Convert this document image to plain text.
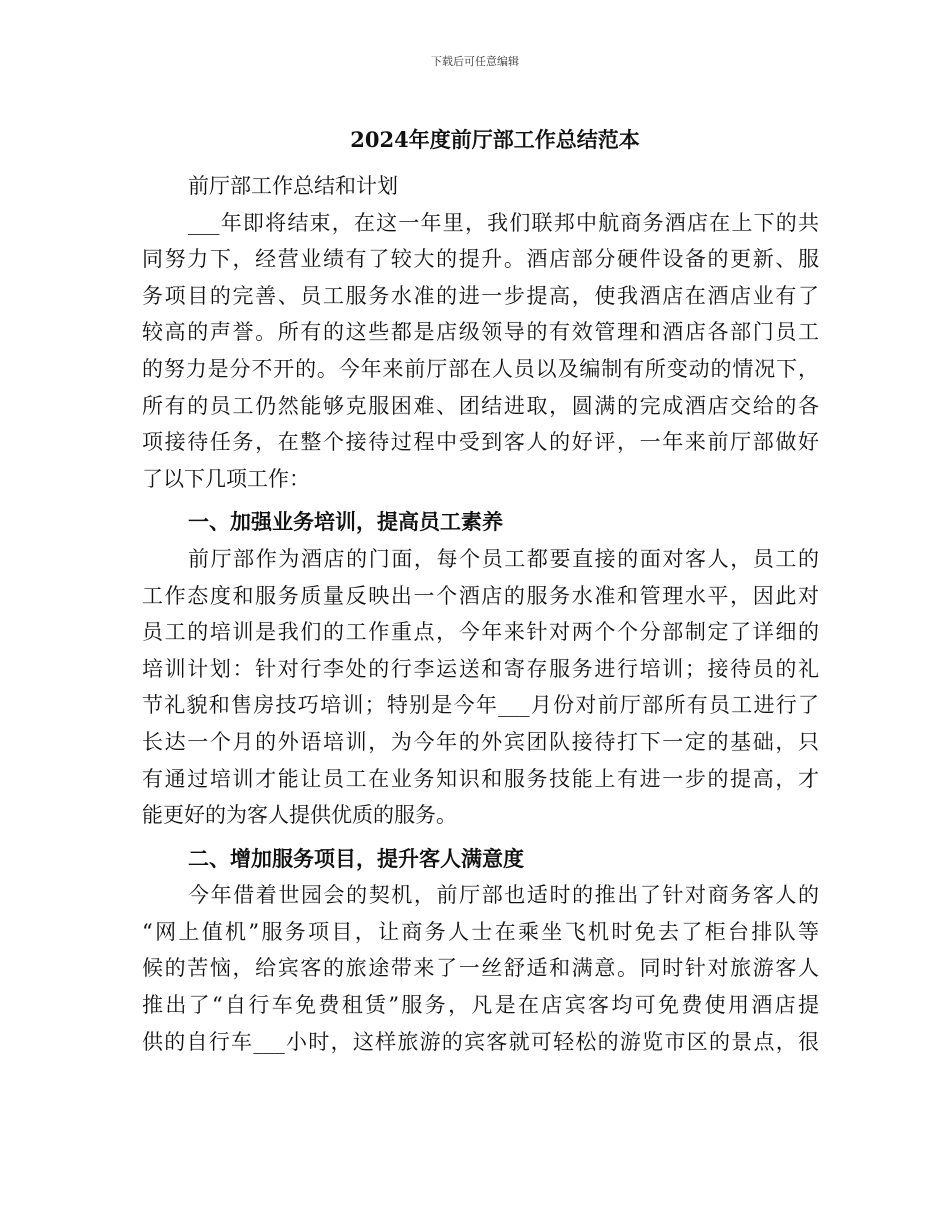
下载后可任意编辑
2024年度前厅部工作总结范本
前厅部工作总结和计划
___年即将结束，在这一年里，我们联邦中航商务酒店在上下的共
同努力下，经营业绩有了较大的提升。酒店部分硬件设备的更新、服
务项目的完善、员工服务水准的进一步提高，使我酒店在酒店业有了
较高的声誉。所有的这些都是店级领导的有效管理和酒店各部门员工
的努力是分不开的。今年来前厅部在人员以及编制有所变动的情况下，
所有的员工仍然能够克服困难、团结进取，圆满的完成酒店交给的各
项接待任务，在整个接待过程中受到客人的好评，一年来前厅部做好
了以下几项工作：
一、加强业务培训，提高员工素养
前厅部作为酒店的门面，每个员工都要直接的面对客人，员工的
工作态度和服务质量反映出一个酒店的服务水准和管理水平，因此对
员工的培训是我们的工作重点，今年来针对两个个分部制定了详细的
培训计划：针对行李处的行李运送和寄存服务进行培训；接待员的礼
节礼貌和售房技巧培训；特别是今年___月份对前厅部所有员工进行了
长达一个月的外语培训，为今年的外宾团队接待打下一定的基础，只
有通过培训才能让员工在业务知识和服务技能上有进一步的提高，才
能更好的为客人提供优质的服务。
二、增加服务项目，提升客人满意度
今年借着世园会的契机，前厅部也适时的推出了针对商务客人的
“网上值机”服务项目，让商务人士在乘坐飞机时免去了柜台排队等
候的苦恼，给宾客的旅途带来了一丝舒适和满意。同时针对旅游客人
推出了“自行车免费租赁”服务，凡是在店宾客均可免费使用酒店提
供的自行车___小时，这样旅游的宾客就可轻松的游览市区的景点，很
